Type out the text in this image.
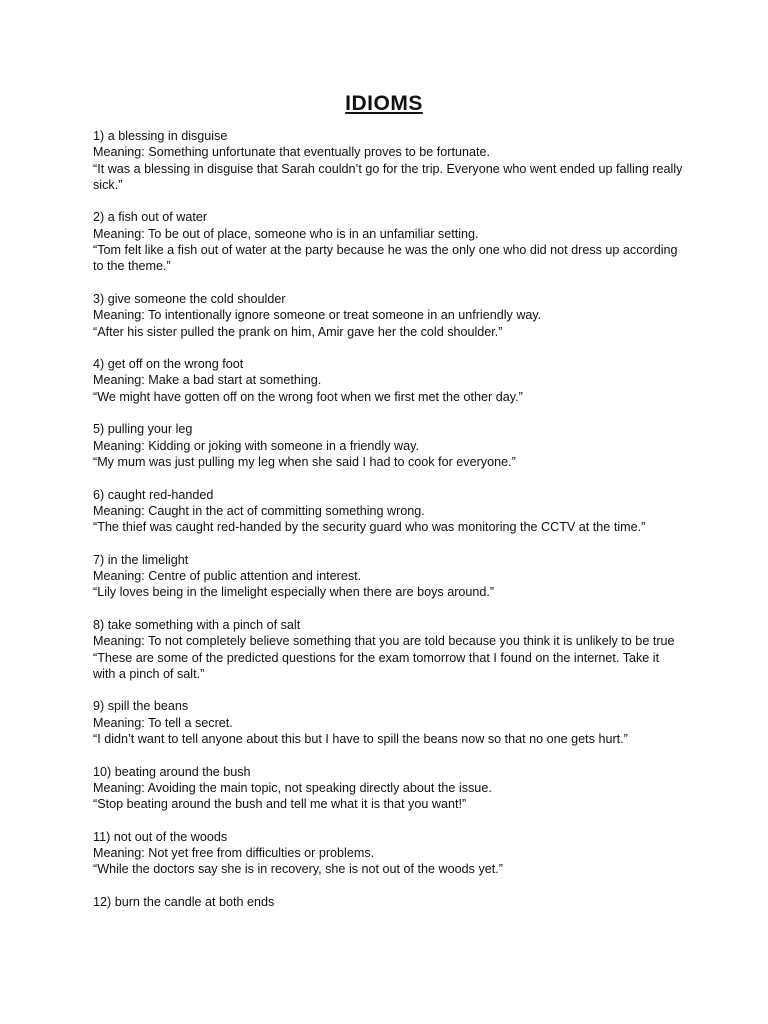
IDIOMS

1) a blessing in disguise

Meaning: Something unfortunate that eventually proves to be fortunate.

“It was a blessing in disguise that Sarah couldn’t go for the trip. Everyone who went ended up falling really sick.”

2) a fish out of water

Meaning: To be out of place, someone who is in an unfamiliar setting.

“Tom felt like a fish out of water at the party because he was the only one who did not dress up according to the theme.”

3) give someone the cold shoulder

Meaning: To intentionally ignore someone or treat someone in an unfriendly way.

“After his sister pulled the prank on him, Amir gave her the cold shoulder.”

4) get off on the wrong foot

Meaning: Make a bad start at something.

“We might have gotten off on the wrong foot when we first met the other day.”

5) pulling your leg

Meaning: Kidding or joking with someone in a friendly way.

“My mum was just pulling my leg when she said I had to cook for everyone.”

6) caught red-handed

Meaning: Caught in the act of committing something wrong.

“The thief was caught red-handed by the security guard who was monitoring the CCTV at the time.”

7) in the limelight

Meaning: Centre of public attention and interest.

“Lily loves being in the limelight especially when there are boys around.”

8) take something with a pinch of salt

Meaning: To not completely believe something that you are told because you think it is unlikely to be true

“These are some of the predicted questions for the exam tomorrow that I found on the internet. Take it with a pinch of salt.”

9) spill the beans

Meaning: To tell a secret.

“I didn’t want to tell anyone about this but I have to spill the beans now so that no one gets hurt.”

10) beating around the bush

Meaning: Avoiding the main topic, not speaking directly about the issue.

“Stop beating around the bush and tell me what it is that you want!”

11) not out of the woods

Meaning: Not yet free from difficulties or problems.

“While the doctors say she is in recovery, she is not out of the woods yet.”

12) burn the candle at both ends
